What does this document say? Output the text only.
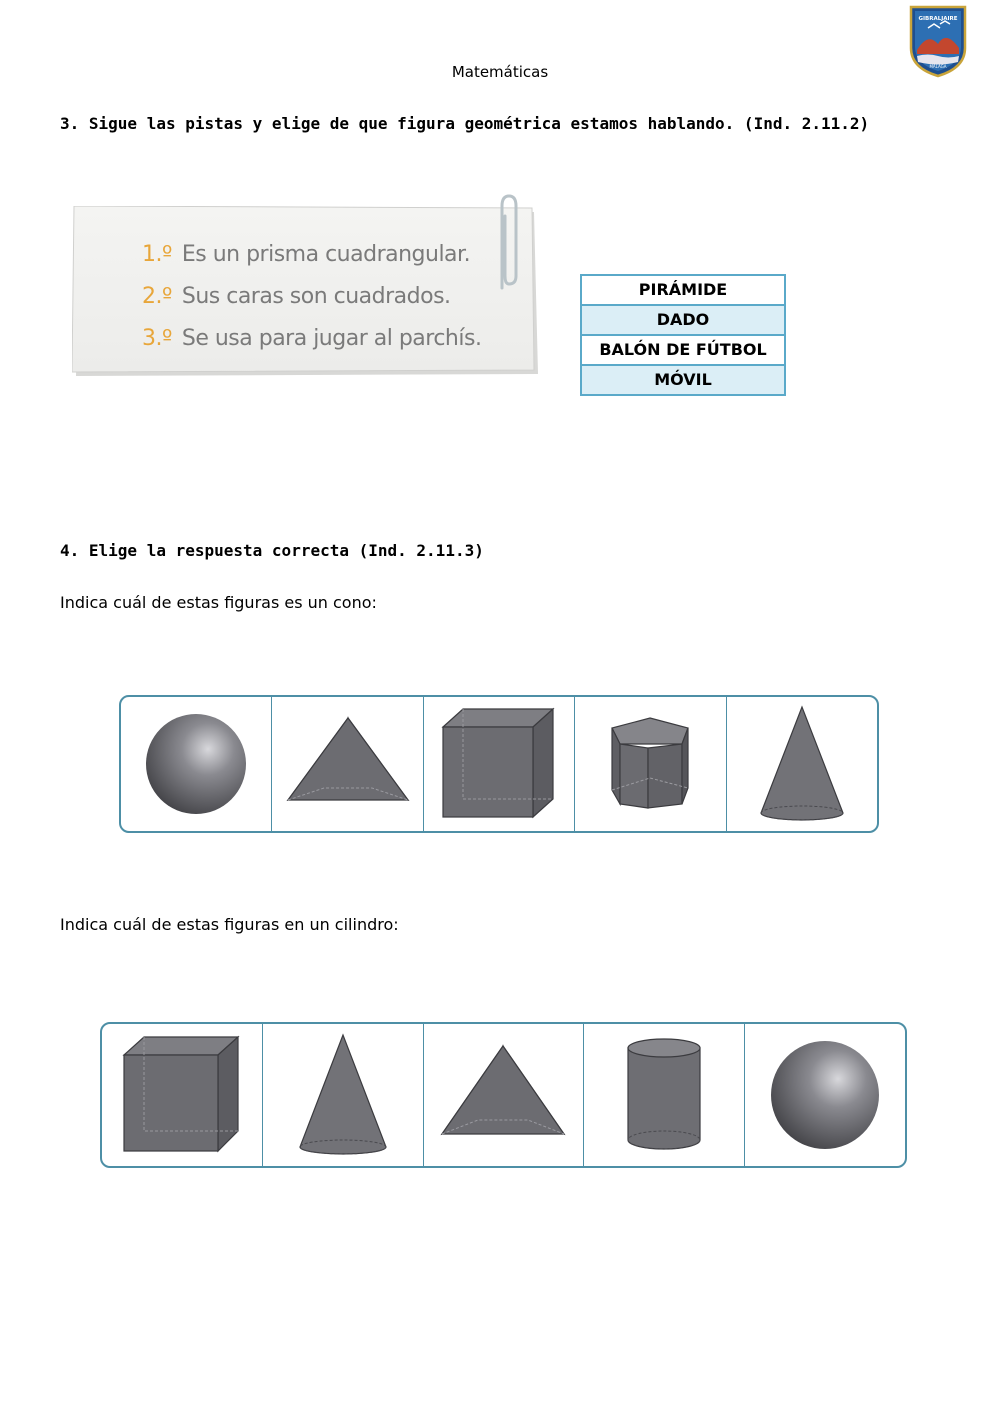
Matemáticas
GIBRALJAIRE
MÁLAGA
3. Sigue las pistas y elige de que figura geométrica estamos hablando. (Ind. 2.11.2)
1.º Es un prisma cuadrangular.
2.º Sus caras son cuadrados.
3.º Se usa para jugar al parchís.
PIRÁMIDE
DADO
BALÓN DE FÚTBOL
MÓVIL
4. Elige la respuesta correcta (Ind. 2.11.3)
Indica cuál de estas figuras es un cono:
Indica cuál de estas figuras en un cilindro:
